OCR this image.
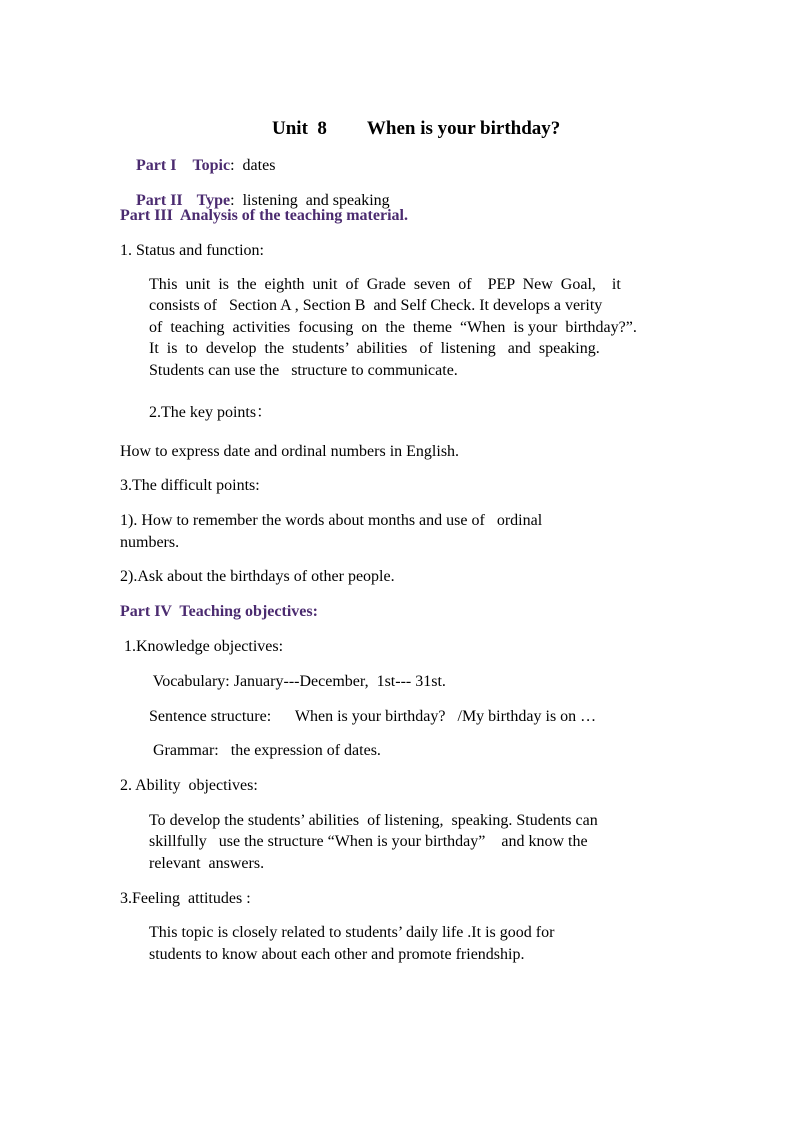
Unit  8 When is your birthday?

Part I Topic:  dates

Part II Type:  listening  and speaking

Part III  Analysis of the teaching material.
1. Status and function:
This  unit  is  the  eighth  unit  of  Grade  seven  of    PEP  New  Goal,    it
consists of   Section A , Section B  and Self Check. It develops a verity
of  teaching  activities  focusing  on  the  theme  “When  is your  birthday?”.
It  is  to  develop  the  students’  abilities   of  listening   and  speaking.
Students can use the   structure to communicate.
2.The key points：
How to express date and ordinal numbers in English.
3.The difficult points:
1). How to remember the words about months and use of   ordinal
numbers.
2).Ask about the birthdays of other people.
Part IV  Teaching objectives:
1.Knowledge objectives:
Vocabulary: January---December,  1st--- 31st.
Sentence structure:      When is your birthday?   /My birthday is on …
Grammar:   the expression of dates.
2. Ability  objectives:
To develop the students’ abilities  of listening,  speaking. Students can
skillfully   use the structure “When is your birthday”    and know the
relevant  answers.
3.Feeling  attitudes :
This topic is closely related to students’ daily life .It is good for
students to know about each other and promote friendship.
